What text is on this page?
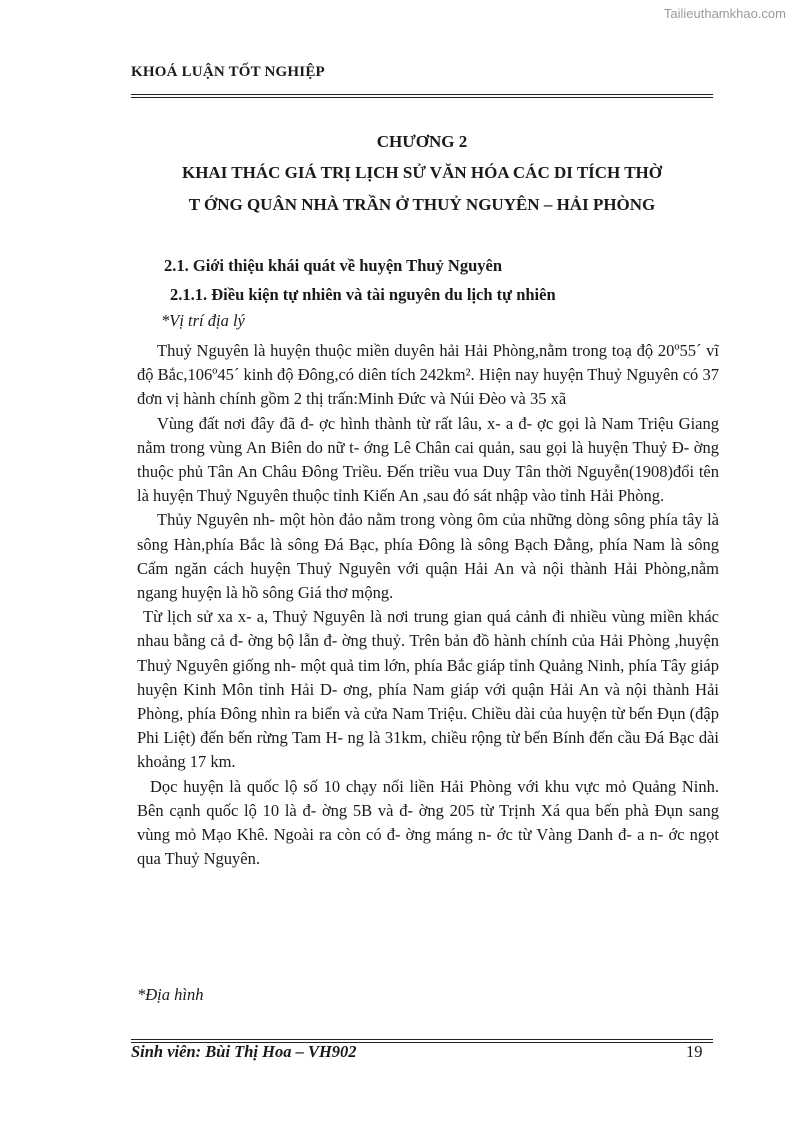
Tailieuthamkhao.com
KHOÁ LUẬN TỐT NGHIỆP
CHƯƠNG 2
KHAI THÁC GIÁ TRỊ LỊCH SỬ VĂN HÓA CÁC DI TÍCH THỜ
T ỚNG QUÂN NHÀ TRẦN Ở THUỶ NGUYÊN – HẢI PHÒNG
2.1. Giới thiệu khái quát về huyện Thuỷ Nguyên
2.1.1. Điều kiện tự nhiên và tài nguyên du lịch tự nhiên
*Vị trí địa lý

Thuỷ Nguyên là huyện thuộc miền duyên hải Hải Phòng,nằm trong toạ độ 20º55´ vĩ độ Bắc,106º45´ kinh độ Đông,có diên tích 242km². Hiện nay huyện Thuỷ Nguyên có 37 đơn vị hành chính gồm 2 thị trấn:Minh Đức và Núi Đèo và 35 xã

Vùng đất nơi đây đã đ- ợc hình thành từ rất lâu, x- a đ- ợc gọi là Nam Triệu Giang nằm trong vùng An Biên do nữ t- ớng Lê Chân cai quản, sau gọi là huyện Thuỷ Đ- ờng thuộc phủ Tân An Châu Đông Triều. Đến triều vua Duy Tân thời Nguyễn(1908)đổi tên là huyện Thuỷ Nguyên thuộc tỉnh Kiến An ,sau đó sát nhập vào tỉnh Hải Phòng.

Thủy Nguyên nh- một hòn đảo nằm trong vòng ôm của những dòng sông phía tây là sông Hàn,phía Bắc là sông Đá Bạc, phía Đông là sông Bạch Đằng, phía Nam là sông Cấm ngăn cách huyện Thuỷ Nguyên với quận Hải An và nội thành Hải Phòng,nằm ngang huyện là hồ sông Giá thơ mộng.

Từ lịch sử xa x- a, Thuỷ Nguyên là nơi trung gian quá cảnh đi nhiều vùng miền khác nhau bằng cả đ- ờng bộ lẫn đ- ờng thuỷ. Trên bản đồ hành chính của Hải Phòng ,huyện Thuỷ Nguyên giống nh- một quả tim lớn, phía Bắc giáp tỉnh Quảng Ninh, phía Tây giáp huyện Kinh Môn tỉnh Hải D- ơng, phía Nam giáp với quận Hải An và nội thành Hải Phòng, phía Đông nhìn ra biển và cửa Nam Triệu. Chiều dài của huyện từ bến Đụn (đập Phi Liệt) đến bến rừng Tam H- ng là 31km, chiều rộng từ bến Bính đến cầu Đá Bạc dài khoảng 17 km.

Dọc huyện là quốc lộ số 10 chạy nối liền Hải Phòng với khu vực mỏ Quảng Ninh. Bên cạnh quốc lộ 10 là đ- ờng 5B và đ- ờng 205 từ Trịnh Xá qua bến phà Đụn sang vùng mỏ Mạo Khê. Ngoài ra còn có đ- ờng máng n- ớc từ Vàng Danh đ- a n- ớc ngọt qua Thuỷ Nguyên.

*Địa hình
Sinh viên: Bùi Thị Hoa – VH902	19
